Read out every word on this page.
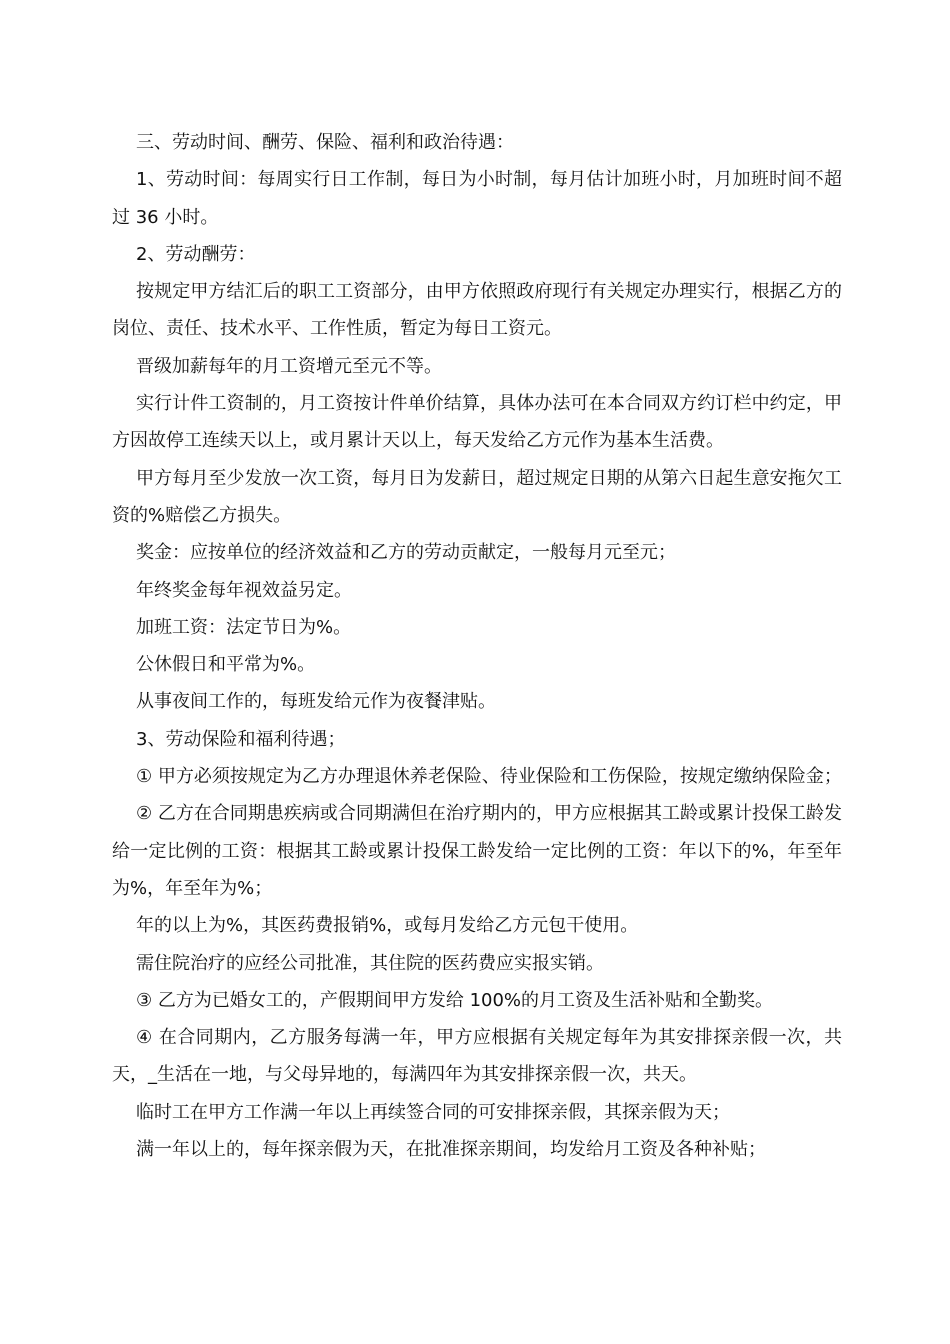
三、劳动时间、酬劳、保险、福利和政治待遇：

1、劳动时间：每周实行日工作制，每日为小时制，每月估计加班小时，月加班时间不超过 36 小时。

2、劳动酬劳：

按规定甲方结汇后的职工工资部分，由甲方依照政府现行有关规定办理实行，根据乙方的岗位、责任、技术水平、工作性质，暂定为每日工资元。

晋级加薪每年的月工资增元至元不等。

实行计件工资制的，月工资按计件单价结算，具体办法可在本合同双方约订栏中约定，甲方因故停工连续天以上，或月累计天以上，每天发给乙方元作为基本生活费。

甲方每月至少发放一次工资，每月日为发薪日，超过规定日期的从第六日起生意安拖欠工资的%赔偿乙方损失。

奖金：应按单位的经济效益和乙方的劳动贡献定，一般每月元至元；

年终奖金每年视效益另定。

加班工资：法定节日为%。

公休假日和平常为%。

从事夜间工作的，每班发给元作为夜餐津贴。

3、劳动保险和福利待遇；

① 甲方必须按规定为乙方办理退休养老保险、待业保险和工伤保险，按规定缴纳保险金；

② 乙方在合同期患疾病或合同期满但在治疗期内的，甲方应根据其工龄或累计投保工龄发给一定比例的工资：根据其工龄或累计投保工龄发给一定比例的工资：年以下的%，年至年为%，年至年为%；

年的以上为%，其医药费报销%，或每月发给乙方元包干使用。

需住院治疗的应经公司批准，其住院的医药费应实报实销。

③ 乙方为已婚女工的，产假期间甲方发给 100%的月工资及生活补贴和全勤奖。

④ 在合同期内，乙方服务每满一年，甲方应根据有关规定每年为其安排探亲假一次，共天，_生活在一地，与父母异地的，每满四年为其安排探亲假一次，共天。

临时工在甲方工作满一年以上再续签合同的可安排探亲假，其探亲假为天；

满一年以上的，每年探亲假为天，在批准探亲期间，均发给月工资及各种补贴；
